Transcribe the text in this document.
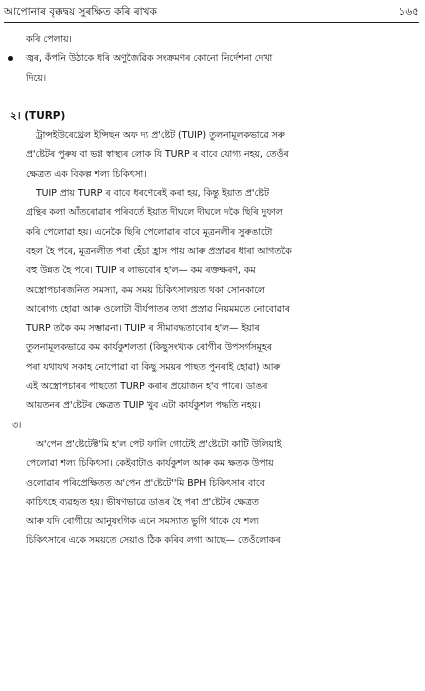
আপোনাৰ বৃক্কদ্বয় সুৰক্ষিত কৰি ৰাখক	১৬৫
কৰি পেলায়।
জ্বৰ, কঁপনি উঠাকে ধৰি অণুজৈৱিক সংক্ৰমণৰ কোনো নিৰ্দেশনা দেখা
দিয়ে।
২। (TURP)
ট্ৰান্সইউৰেথ্ৰেল ইন্সিছন অফ দ্য প্ৰ'ষ্টেট (TUIP) তুলনামূলকভাৱে সৰু
প্ৰ'ষ্টেটৰ পুৰুষ বা ভগ্ন স্বাস্থ্যৰ লোক যি TURP ৰ বাবে যোগ্য নহয়, তেওঁৰ
ক্ষেত্ৰত এক বিকল্প শল্য চিকিৎসা।
TUIP প্ৰায় TURP ৰ বাবে ধৰণেৰেই কৰা হয়, কিন্তু ইয়াত প্ৰ'ষ্টেট
গ্ৰন্থিৰ কলা আঁতৰোৱাৰ পৰিবৰ্তে ইয়াত দীঘলে দীঘলে দকৈ ছিৰি দুফাল
কৰি পেলোৱা হয়। এনেকৈ ছিৰি পেলোৱাৰ বাবে মূত্ৰনলীৰ সুৰুঙাটো
বহল হৈ পৰে, মূত্ৰনলীত পৰা হেঁচা হ্ৰাস পায় আৰু প্ৰস্ৰাৱৰ ধাৰা আগতকৈ
বহু উন্নত হৈ পৰে। TUIP ৰ লাভবোৰ হ'ল— কম ৰক্তক্ষৰণ, কম
অস্ত্ৰোপচাৰজনিত সমস্যা, কম সময় চিকিৎসালয়ত থকা সোনকালে
আৰোগ্য হোৱা আৰু ওলোটা বীৰ্যপাতৰ তথা প্ৰস্ৰাৱ নিয়মমতে নোবোৱাৰ
TURP তকৈ কম সম্ভাৱনা। TUIP ৰ সীমাবদ্ধতাবোৰ হ'ল— ইয়াৰ
তুলনামূলকভাৱে কম কাৰ্যকুশলতা (কিছুসংখ্যক ৰোগীৰ উপসৰ্গসমূহৰ
পৰা যথাযথ সকাহ নোপোৱা বা কিছু সময়ৰ পাছত পুনৰাই হোৱা) আৰু
এই অস্ত্ৰোপচাৰৰ পাছতো TURP কৰাৰ প্ৰয়োজন হ'ব পাৰে। ডাঙৰ
আয়তনৰ প্ৰ'ষ্টেটৰ ক্ষেত্ৰত TUIP খুব এটা কাৰ্যকুশল পদ্ধতি নহয়।
৩।
অ'পেন প্ৰ'ষ্টেটেক্ট'মি হ'ল পেট ফালি গোটেই প্ৰ'ষ্টেটো কাটি উলিয়াই
পেলোৱা শল্য চিকিৎসা। কেইবাটাও কাৰ্যকুশল আৰু কম ক্ষতক উপায়
ওলোৱাৰ পৰিপ্ৰেক্ষিতত অ'পেন প্ৰ'ষ্টেটে''মি BPH চিকিৎসাৰ বাবে
কাচিৎহে ব্যৱহৃত হয়। ভীষণভাৱে ডাঙৰ হৈ পৰা প্ৰ'ষ্টেটৰ ক্ষেত্ৰত
আৰু যদি ৰোগীয়ে আনুষংগিক এনে সমস্যাত ভুগি থাকে যে শল্য
চিকিৎসাৰে একে সময়তে সেয়াও ঠিক কৰিব লগা আছে— তেওঁলোকৰ
